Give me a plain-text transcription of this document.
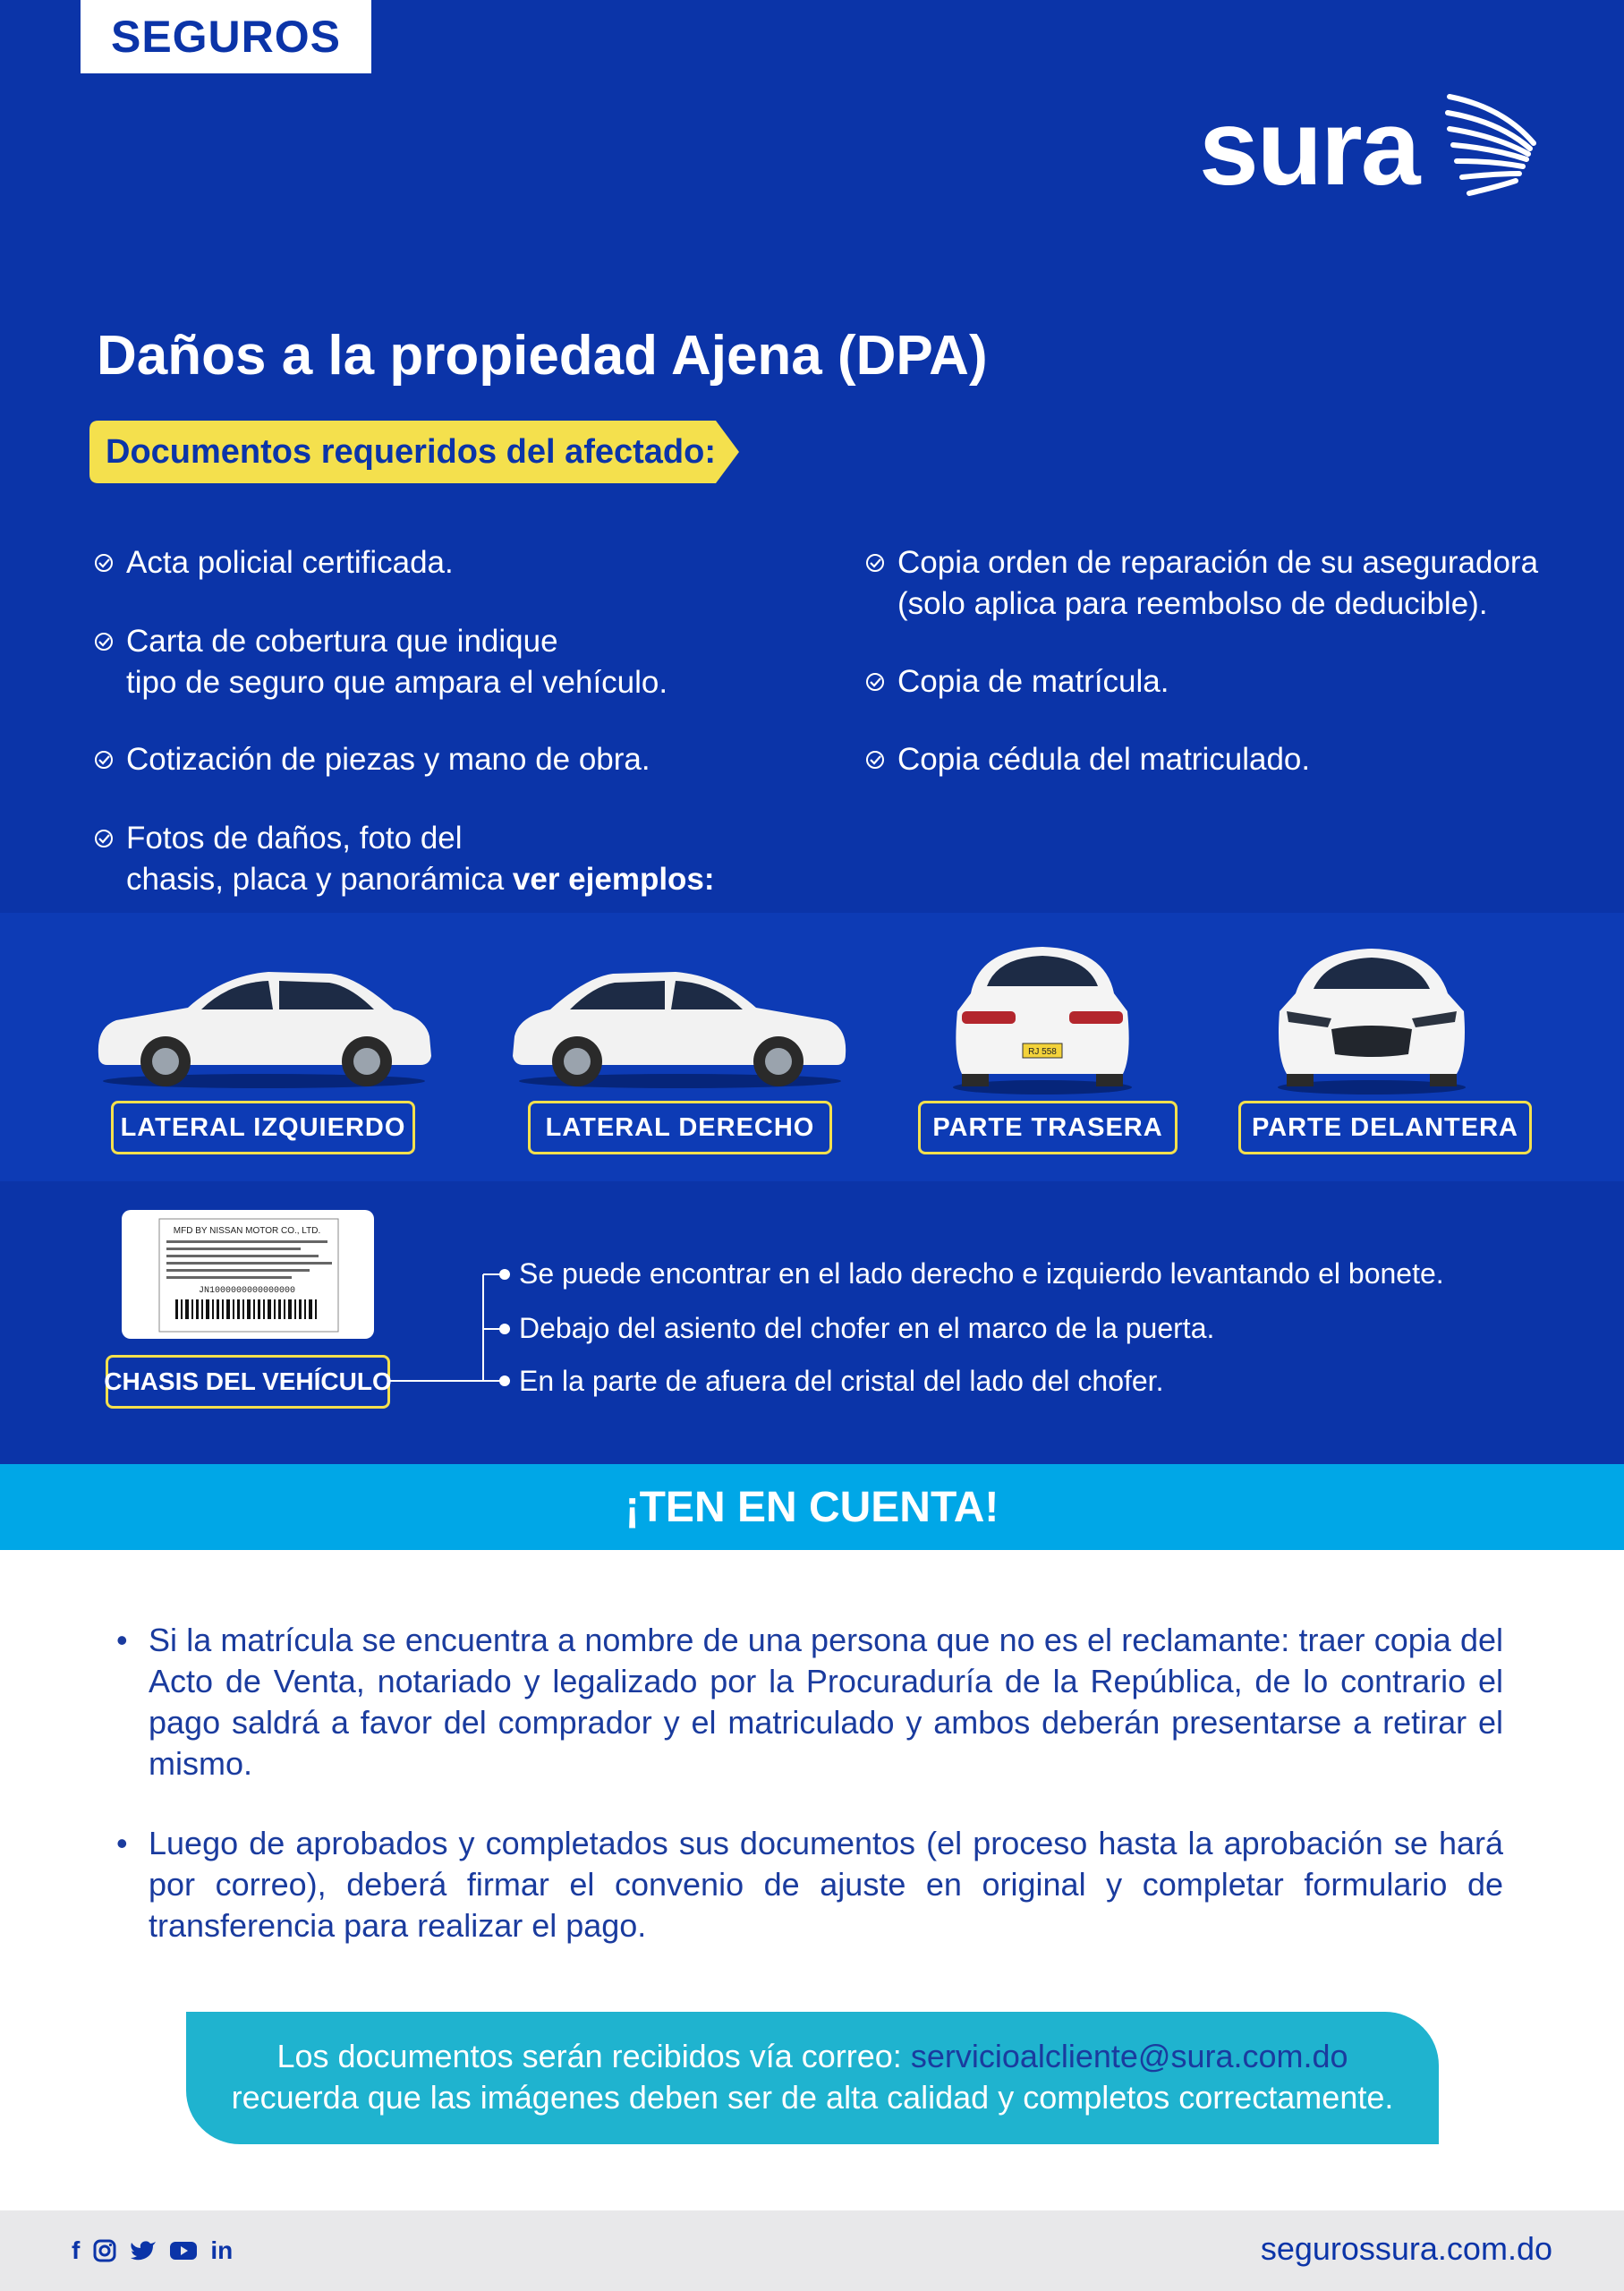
SEGUROS
sura
Daños a la propiedad Ajena (DPA)
Documentos requeridos del afectado:
Acta policial certificada.
Carta de cobertura que indique
tipo de seguro que ampara el vehículo.
Cotización de piezas y mano de obra.
Fotos de daños, foto del
chasis, placa y panorámica ver ejemplos:
Copia orden de reparación de su aseguradora
(solo aplica para reembolso de deducible).
Copia de matrícula.
Copia cédula del matriculado.
RJ 558
LATERAL IZQUIERDO	LATERAL DERECHO	PARTE TRASERA	PARTE DELANTERA
MFD BY NISSAN MOTOR CO., LTD.
JN1000000000000000
CHASIS DEL VEHÍCULO
Se puede encontrar en el lado derecho e izquierdo levantando el bonete.
Debajo del asiento del chofer en el marco de la puerta.
En la parte de afuera del cristal del lado del chofer.
¡TEN EN CUENTA!
• Si la matrícula se encuentra a nombre de una persona que no es el reclamante: traer copia del Acto de Venta, notariado y legalizado por la Procuraduría de la República, de lo contrario el pago saldrá a favor del comprador y el matriculado y ambos deberán presentarse a retirar el mismo.
• Luego de aprobados y completados sus documentos (el proceso hasta la aprobación se hará por correo), deberá firmar el convenio de ajuste en original y completar formulario de transferencia para realizar el pago.
Los documentos serán recibidos vía correo: servicioalcliente@sura.com.do
recuerda que las imágenes deben ser de alta calidad y completos correctamente.
f	in	segurossura.com.do
